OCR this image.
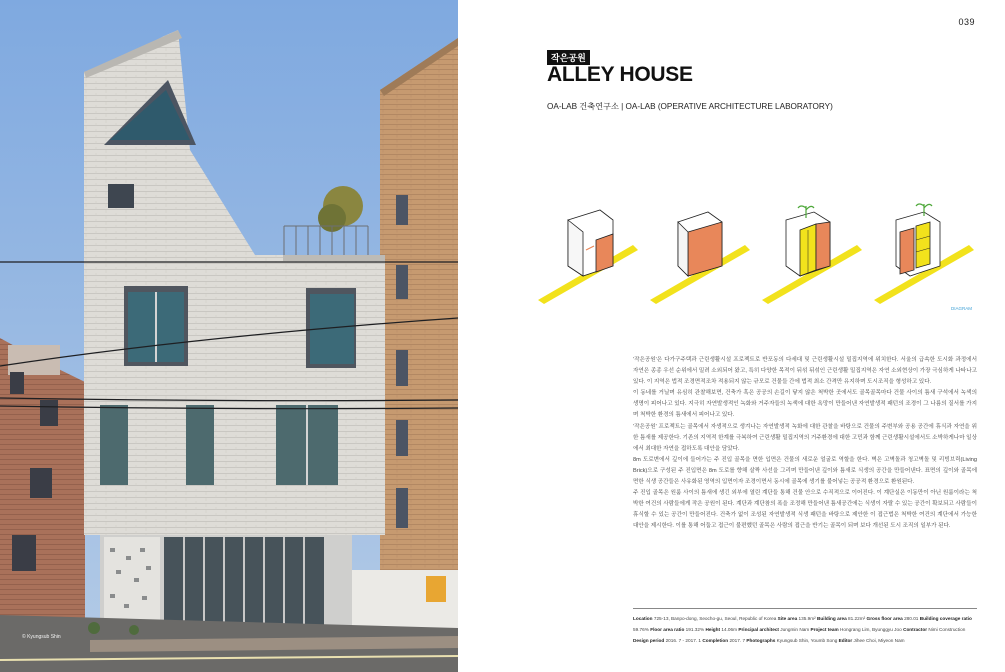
© Kyungsub Shin
039
작은공원
ALLEY HOUSE
OA-LAB 건축연구소 | OA-LAB (OPERATIVE ARCHITECTURE LABORATORY)
DIAGRAM

'작은공원'은 다가구주택과 근린생활시설 프로젝트로 반포동의 다세대 및 근린생활시설 밀집지역에 위치한다. 서울의 급속한 도시화 과정에서 자연은 종종 우선 순위에서 밀려 소외되어 왔고, 특히 다양한 목적이 뒤섞 뒤섞인 근린생활 밀집지역은 자연 소외현상이 가장 극심하게 나타나고 있다. 이 지역은 법적 조경면적조차 적용되지 않는 규모로 건물들 간에 법적 최소 간격만 유지하며 도시조직을 형성하고 있다.

이 동네를 거닐며 유심히 관찰해보면, 건축가 혹은 공공의 손길이 닿지 않은 척박한 곳에서도 골목골목마다 건물 사이의 틈새 구석에서 녹색의 생명이 피어나고 있다. 지극히 자연발생적인 녹화와 거주자들의 녹색에 대한 욕망이 만들어낸 자연발생적 패턴의 조경이 그 나름의 질서를 가지며 척박한 환경의 틈새에서 피어나고 있다.

'작은공원' 프로젝트는 골목에서 자생적으로 생겨나는 자연발생적 녹화에 대한 관찰을 바탕으로 건물의 주변부와 공용 공간에 휴식과 자연을 위한 틈새를 제공한다. 기존의 지역적 한계를 극복하여 근린생활 밀집지역의 거주환경에 대한 고민과 함께 근린생활시설에서도 소박하게나마 일상에서 최대한 자연을 접하도록 대안을 담았다.

8m 도로변에서 깊이에 들어가는 주 진입 골목을 면한 입면은 건물의 새로운 얼굴로 역할을 한다. 벽은 고벽돌과 청고벽돌 및 리빙브릭(Living Brick)으로 구성된 주 진입면은 8m 도로를 향해 살짝 사선을 그리며 만들어낸 깊이와 틈새로 식생의 공간을 만들어낸다. 표면의 깊이와 골목에 면한 식생 공간들은 사유화된 영역의 입면이자 조경이면서 동시에 골목에 생기를 불어넣는 공공적 환경으로 환원된다.

주 진입 골목은 원룸 사이의 틈새에 생긴 외부에 열린 계단들 통해 건물 안으로 수직적으로 이어진다. 이 계단실은 이동만이 아닌 원룸이라는 척박한 여건의 사람들에게 작은 공원이 된다. 계단과 계단참의 폭을 조정해 만들어낸 틈새공간에는 식생이 자랄 수 있는 공간이 확보되고 사람들이 휴식할 수 있는 공간이 만들어진다. 건축가 없이 조성된 자연발생적 식생 패턴을 바탕으로 제안한 이 접근법은 척박한 여건의 계단에서 가능한 대안을 제시한다. 이를 통해 어둡고 접근이 불편했던 골목은 사람의 접근을 반기는 골목이 되며 보다 개선된 도시 조직의 일부가 된다.

Location 725-13, Banpo-dong, Seocho-gu, Seoul, Republic of Korea Site area 135.9m² Building area 81.22m² Gross floor area 280.01 Building coverage ratio 59.76% Floor area ratio 191.32% Height 14.06m Principal architect Jungmin Nam Project team Hongrang Lim, Byunggyu Joo Contractor Nimi Construction Design period 2016. 7 - 2017. 1 Completion 2017. 7 Photographs Kyungsub Shin, Youmb Song Editor Jihee Choi, Miyeon Nam
